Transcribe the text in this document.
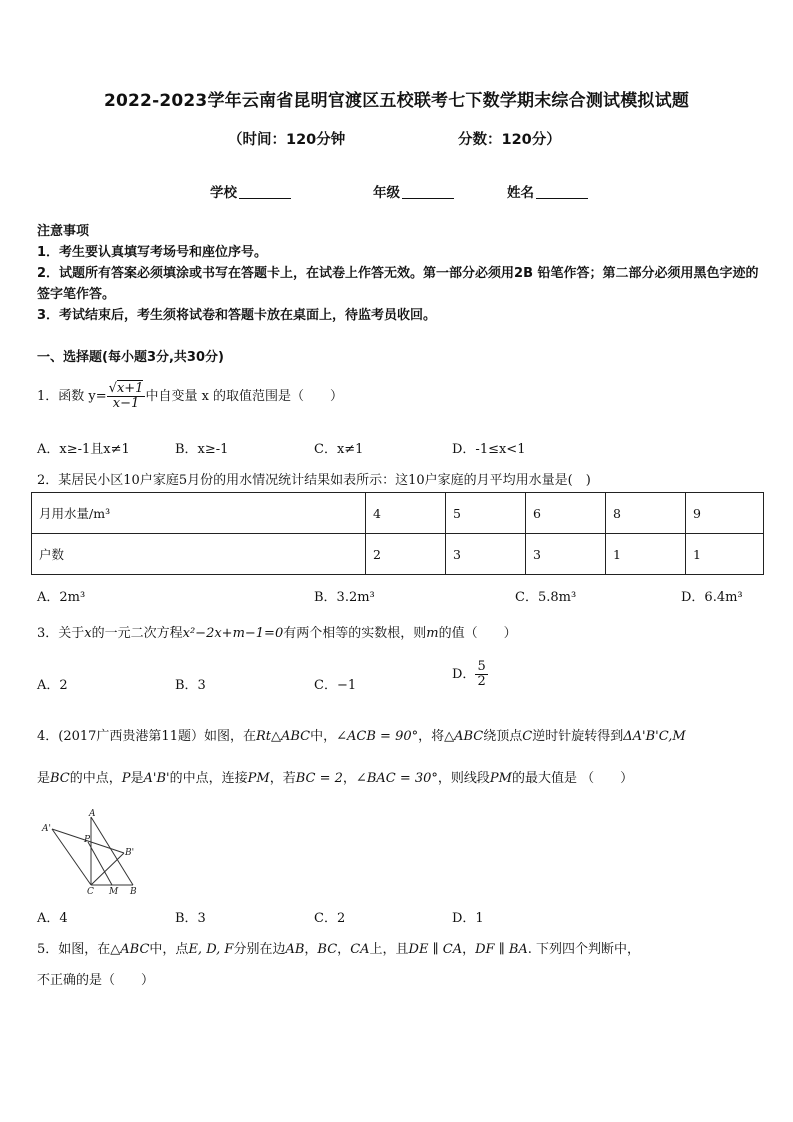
2022-2023学年云南省昆明官渡区五校联考七下数学期末综合测试模拟试题
（时间：120分钟	分数：120分）
学校	年级	姓名
注意事项
1．考生要认真填写考场号和座位序号。
2．试题所有答案必须填涂或书写在答题卡上，在试卷上作答无效。第一部分必须用2B 铅笔作答；第二部分必须用黑色字迹的签字笔作答。
3．考试结束后，考生须将试卷和答题卡放在桌面上，待监考员收回。
一、选择题(每小题3分,共30分)
1．函数 $y= \frac{√x+1}{x-1}$ 中自变量 x 的取值范围是（　　）
A．x≥-1且x≠1	B．x≥-1	C．x≠1	D．-1≤x<1
2．某居民小区10户家庭5月份的用水情况统计结果如表所示：这10户家庭的月平均用水量是(　)
月用水量/m³	4	5	6	8	9
户数	2	3	3	1	1
A．2m³	B．3.2m³	C．5.8m³	D．6.4m³
3．关于x的一元二次方程x²−2x+m−1=0有两个相等的实数根，则m的值（　　）
A．2	B．3	C．−1
D． $\frac{5}{2}$
4．(2017广西贵港第11题）如图，在Rt△ABC中，∠ACB = 90°，将△ABC绕顶点C逆时针旋转得到ΔA'B'C,M
是BC的中点，P是A'B'的中点，连接PM，若BC = 2，∠BAC = 30°，则线段PM的最大值是 （　　）
A
A'
P
B'
C M B
A．4	B．3	C．2	D．1
5．如图，在△ABC中，点E, D, F分别在边AB，BC，CA上，且DE ∥ CA，DF ∥ BA. 下列四个判断中，
不正确的是（　　）
